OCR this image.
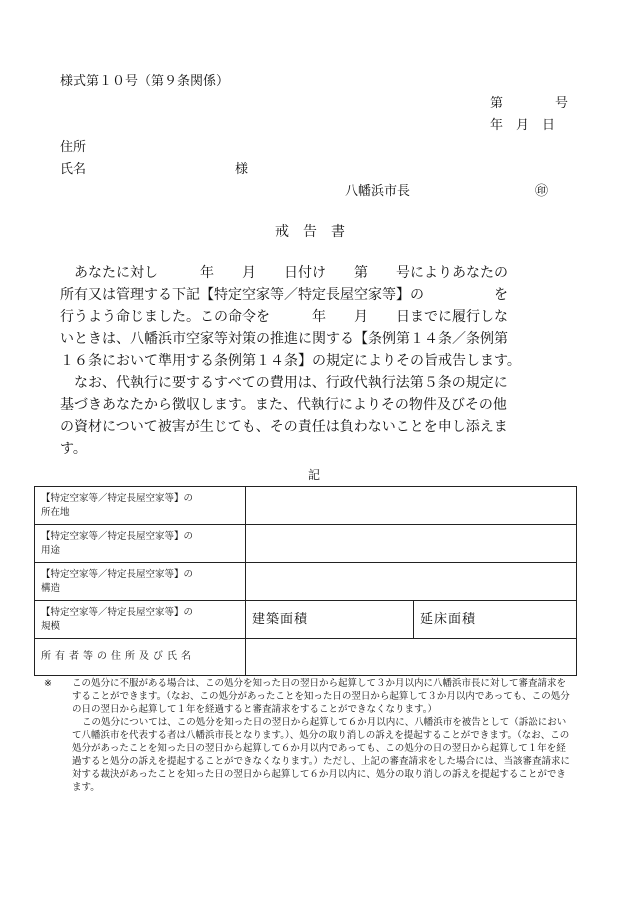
様式第１０号（第９条関係）
第　　　　号
年　月　日
住所
氏名	様
八幡浜市長	㊞
戒　告　書
あなたに対し　　　年　　月　　日付け　　第　　号によりあなたの
所有又は管理する下記【特定空家等／特定長屋空家等】の　　　　　を
行うよう命じました。この命令を　　　年　　月　　日までに履行しな
いときは、八幡浜市空家等対策の推進に関する【条例第１４条／条例第
１６条において準用する条例第１４条】の規定によりその旨戒告します。
なお、代執行に要するすべての費用は、行政代執行法第５条の規定に
基づきあなたから徴収します。また、代執行によりその物件及びその他
の資材について被害が生じても、その責任は負わないことを申し添えま
す。
記
【特定空家等／特定長屋空家等】の
所在地		

【特定空家等／特定長屋空家等】の
用途		

【特定空家等／特定長屋空家等】の
構造		

【特定空家等／特定長屋空家等】の
規模	建築面積	延床面積
所有者等の住所及び氏名		
※	この処分に不服がある場合は、この処分を知った日の翌日から起算して３か月以内に八幡浜市長に対して審査請求をすることができます。（なお、この処分があったことを知った日の翌日から起算して３か月以内であっても、この処分の日の翌日から起算して１年を経過すると審査請求をすることができなくなります。）

この処分については、この処分を知った日の翌日から起算して６か月以内に、八幡浜市を被告として（訴訟において八幡浜市を代表する者は八幡浜市長となります。）、処分の取り消しの訴えを提起することができます。（なお、この処分があったことを知った日の翌日から起算して６か月以内であっても、この処分の日の翌日から起算して１年を経過すると処分の訴えを提起することができなくなります。）ただし、上記の審査請求をした場合には、当該審査請求に対する裁決があったことを知った日の翌日から起算して６か月以内に、処分の取り消しの訴えを提起することができます。
